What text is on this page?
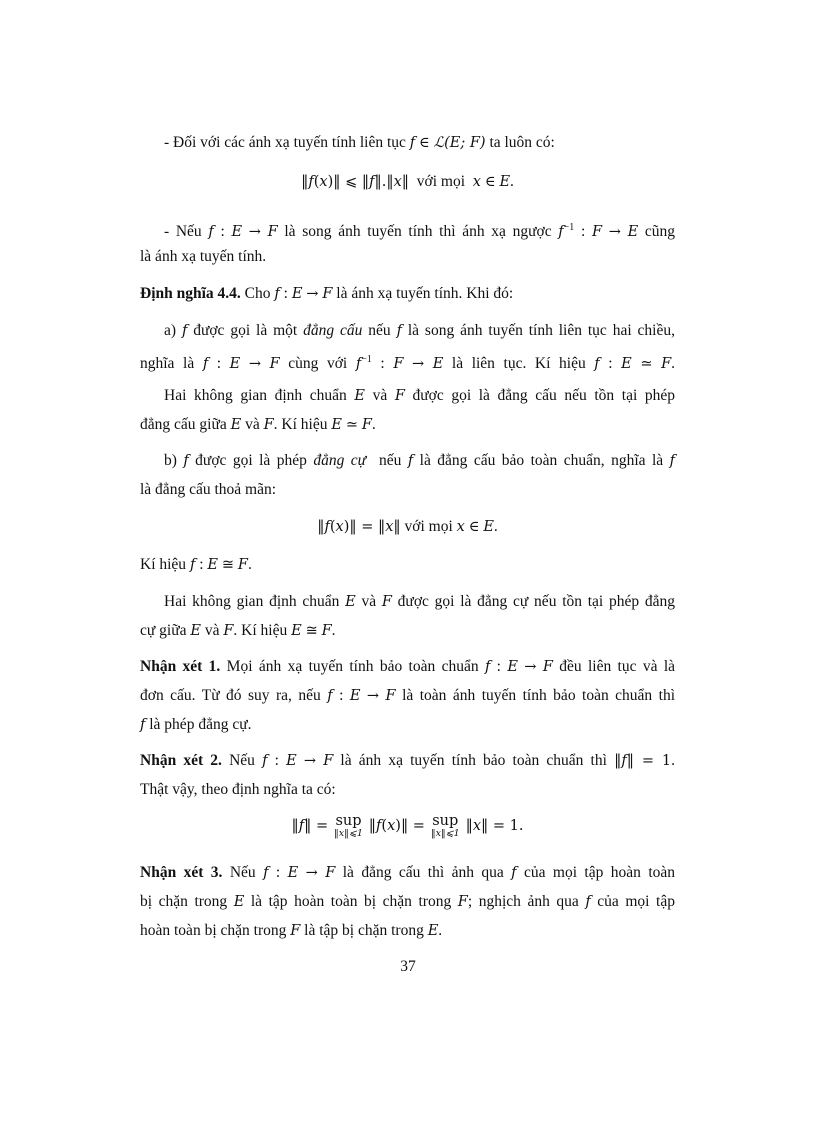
- Đối với các ánh xạ tuyến tính liên tục f ∈ ℒ(E; F) ta luôn có:
‖f(x)‖ ⩽ ‖f‖.‖x‖  với mọi  x ∈ E.
- Nếu f : E → F là song ánh tuyến tính thì ánh xạ ngược $f^{-1}$ : F → E cũng
là ánh xạ tuyến tính.
Định nghĩa 4.4. Cho f : E → F là ánh xạ tuyến tính. Khi đó:
a) f được gọi là một đẳng cấu nếu f là song ánh tuyến tính liên tục hai chiều,
nghĩa là f : E → F cùng với $f^{-1}$ : F → E là liên tục. Kí hiệu f : E ≃ F.
Hai không gian định chuẩn E và F được gọi là đẳng cấu nếu tồn tại phép
đẳng cấu giữa E và F. Kí hiệu E ≃ F.
b) f được gọi là phép đẳng cự  nếu f là đẳng cấu bảo toàn chuẩn, nghĩa là f
là đẳng cấu thoả mãn:
‖f(x)‖ = ‖x‖ với mọi x ∈ E.
Kí hiệu f : E ≅ F.
Hai không gian định chuẩn E và F được gọi là đẳng cự nếu tồn tại phép đẳng
cự giữa E và F. Kí hiệu E ≅ F.
Nhận xét 1. Mọi ánh xạ tuyến tính bảo toàn chuẩn f : E → F đều liên tục và là
đơn cấu. Từ đó suy ra, nếu f : E → F là toàn ánh tuyến tính bảo toàn chuẩn thì
f là phép đẳng cự.
Nhận xét 2. Nếu f : E → F là ánh xạ tuyến tính bảo toàn chuẩn thì ‖f‖ = 1.
Thật vậy, theo định nghĩa ta có:
‖f‖ = sup
‖x‖⩽1 ‖f(x)‖ = sup
‖x‖⩽1 ‖x‖ = 1.
Nhận xét 3. Nếu f : E → F là đẳng cấu thì ảnh qua f của mọi tập hoàn toàn
bị chặn trong E là tập hoàn toàn bị chặn trong F; nghịch ảnh qua f của mọi tập
hoàn toàn bị chặn trong F là tập bị chặn trong E.
37
